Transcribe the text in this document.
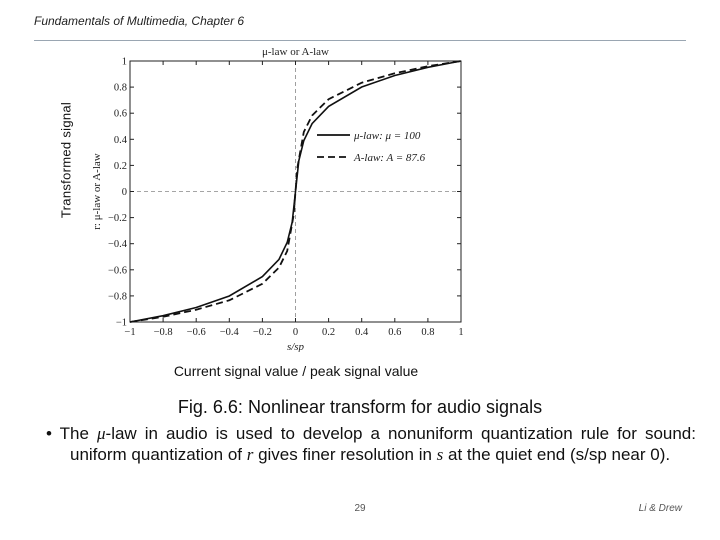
Fundamentals of Multimedia, Chapter 6
Transformed signal
μ-law or A-law
−1 −0.8 −0.6 −0.4 −0.2 0 0.2 0.4 0.6 0.8 1
−1
−0.8
−0.6
−0.4
−0.2
0
0.2
0.4
0.6
0.8
1
s/sp
r: μ-law or A-law
μ-law: μ = 100
A-law: A = 87.6
Current signal value / peak signal value
Fig. 6.6: Nonlinear transform for audio signals
• The μ-law in audio is used to develop a nonuniform quantization rule for sound: uniform quantization of r gives finer resolution in s at the quiet end (s/sp near 0).
29	Li & Drew
